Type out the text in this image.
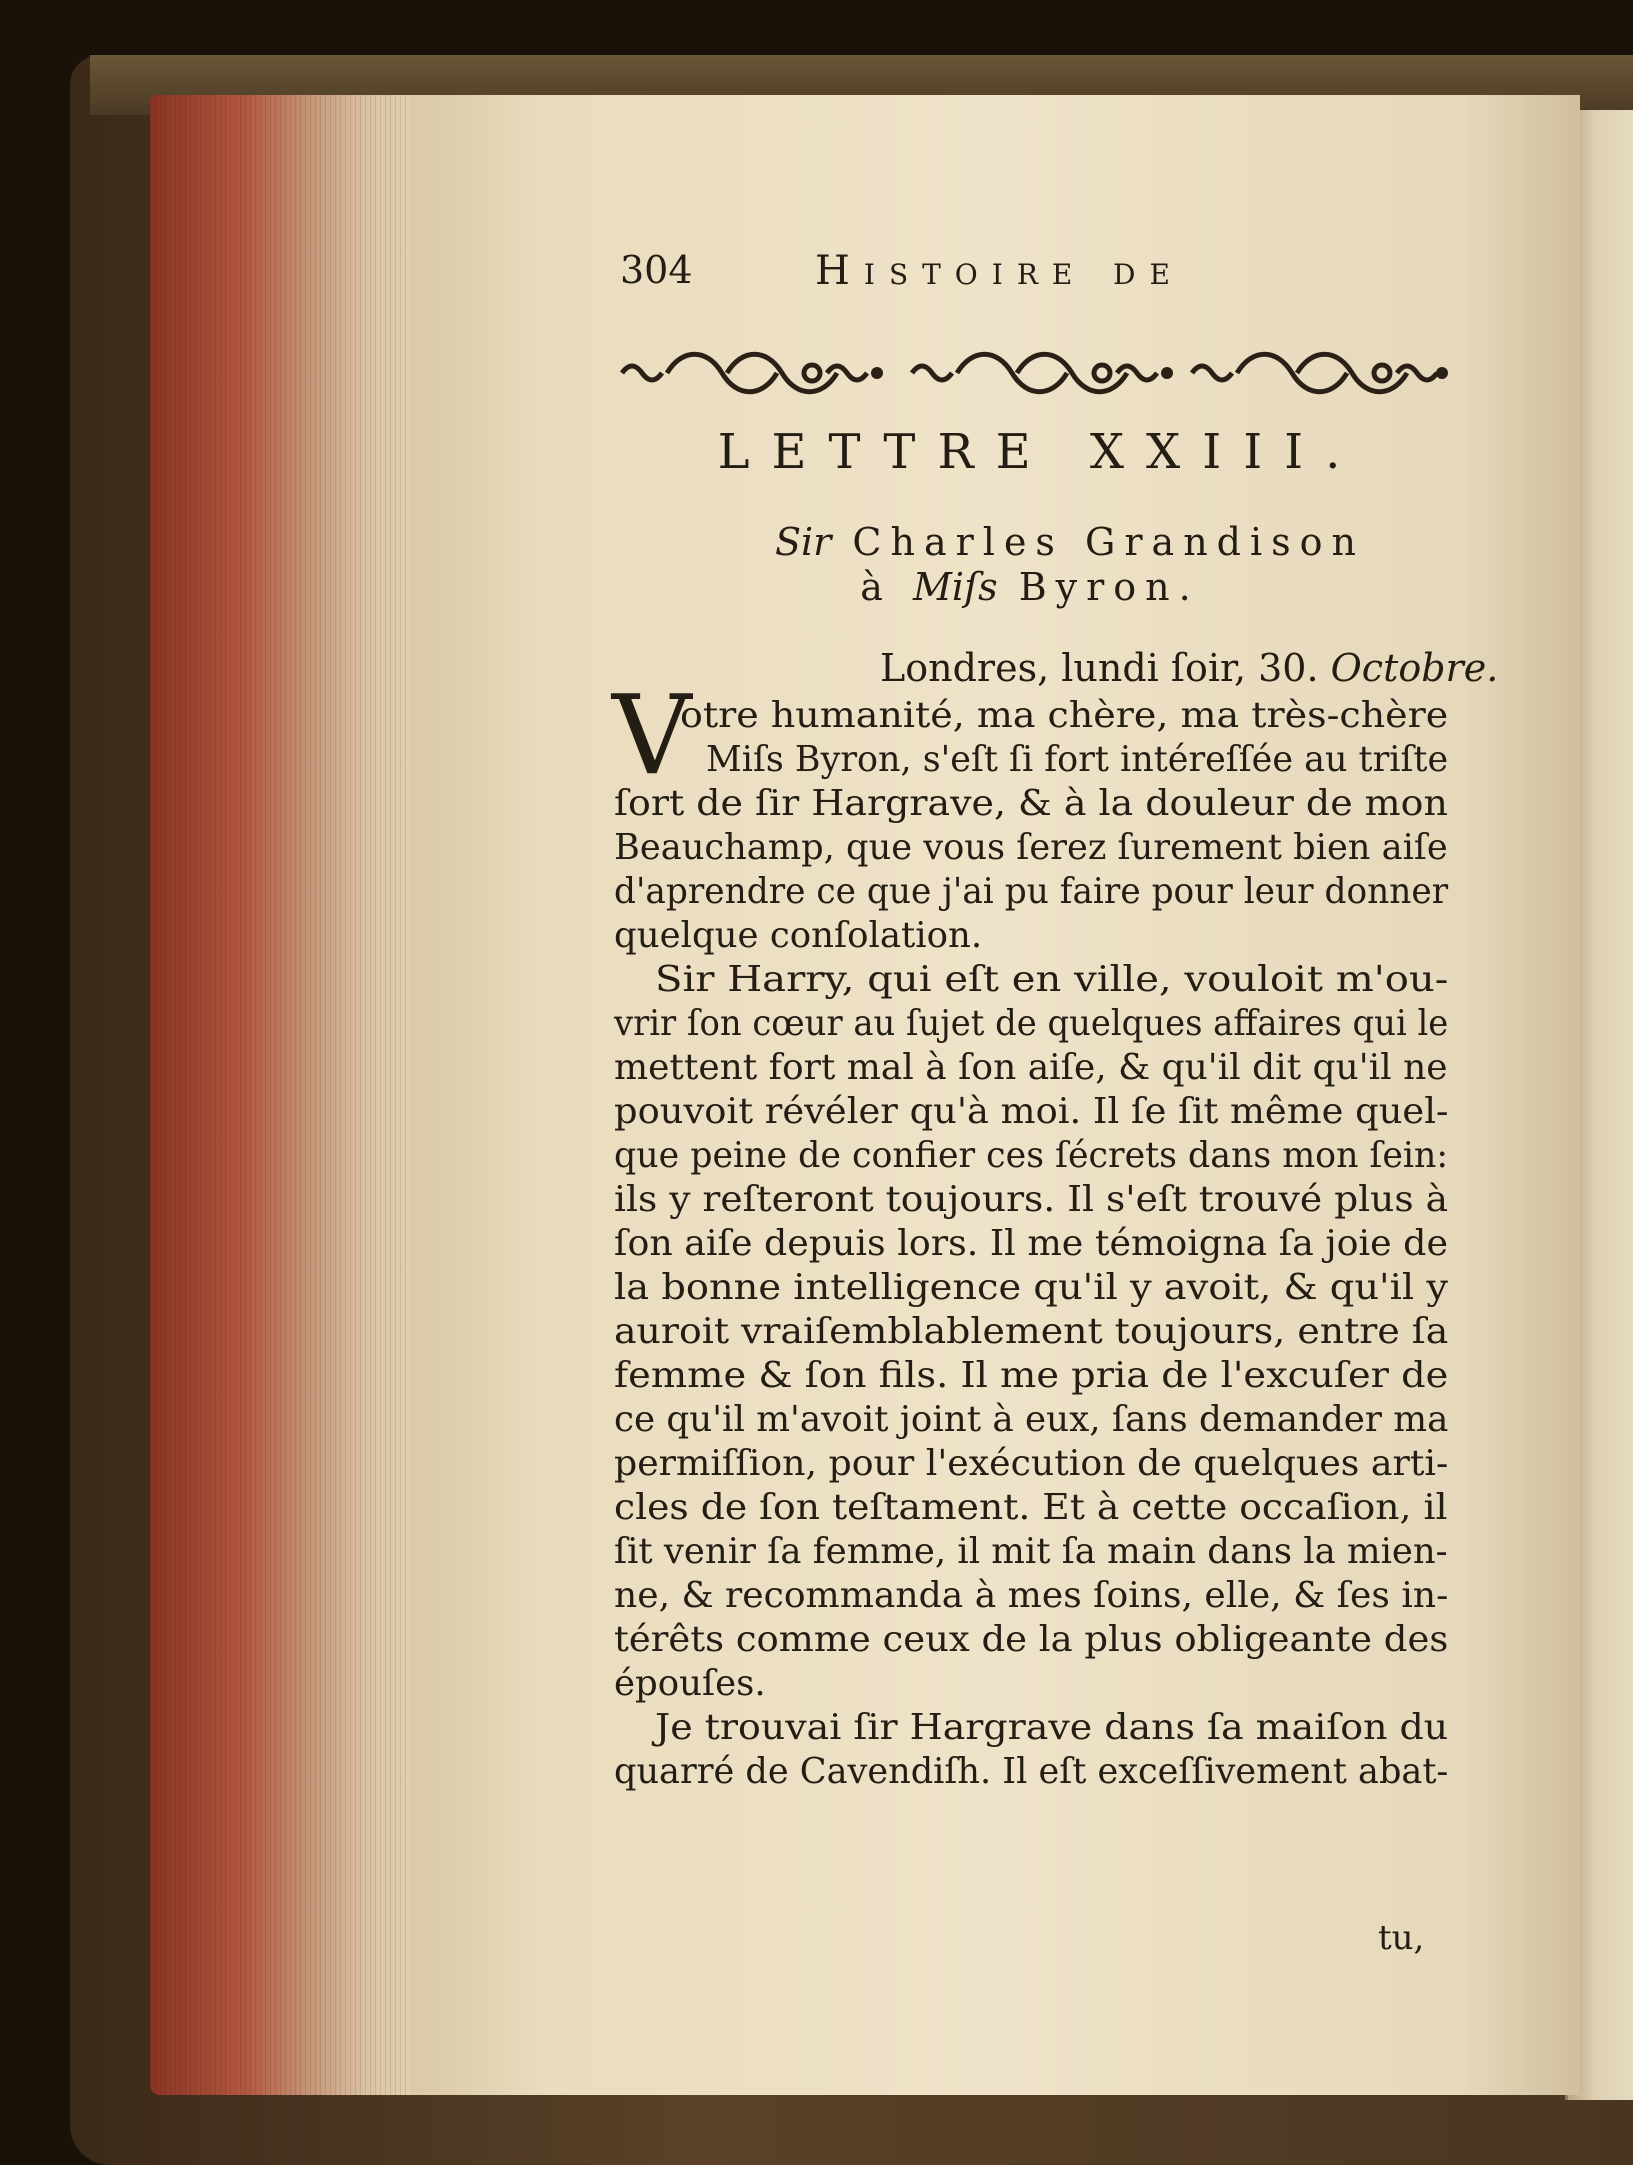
304	Histoire de
LETTRE XXIII.
Sir Charles Grandison
à Miſs Byron.
Londres, lundi ſoir, 30. Octobre.
V
otre humanité, ma chère, ma très-chère
Miſs Byron, s'eſt ſi fort intéreſſée au triſte
ſort de ſir Hargrave, & à la douleur de mon
Beauchamp, que vous ſerez ſurement bien aiſe
d'aprendre ce que j'ai pu faire pour leur donner
quelque conſolation.
Sir Harry, qui eſt en ville, vouloit m'ou-
vrir ſon cœur au ſujet de quelques affaires qui le
mettent fort mal à ſon aiſe, & qu'il dit qu'il ne
pouvoit révéler qu'à moi. Il ſe ſit même quel-
que peine de confier ces ſécrets dans mon ſein:
ils y reſteront toujours. Il s'eſt trouvé plus à
ſon aiſe depuis lors. Il me témoigna ſa joie de
la bonne intelligence qu'il y avoit, & qu'il y
auroit vraiſemblablement toujours, entre ſa
femme & ſon fils. Il me pria de l'excuſer de
ce qu'il m'avoit joint à eux, ſans demander ma
permiſſion, pour l'exécution de quelques arti-
cles de ſon teſtament. Et à cette occaſion, il
ſit venir ſa femme, il mit ſa main dans la mien-
ne, & recommanda à mes ſoins, elle, & ſes in-
térêts comme ceux de la plus obligeante des
épouſes.
Je trouvai ſir Hargrave dans ſa maiſon du
quarré de Cavendiſh. Il eſt exceſſivement abat-
tu,
